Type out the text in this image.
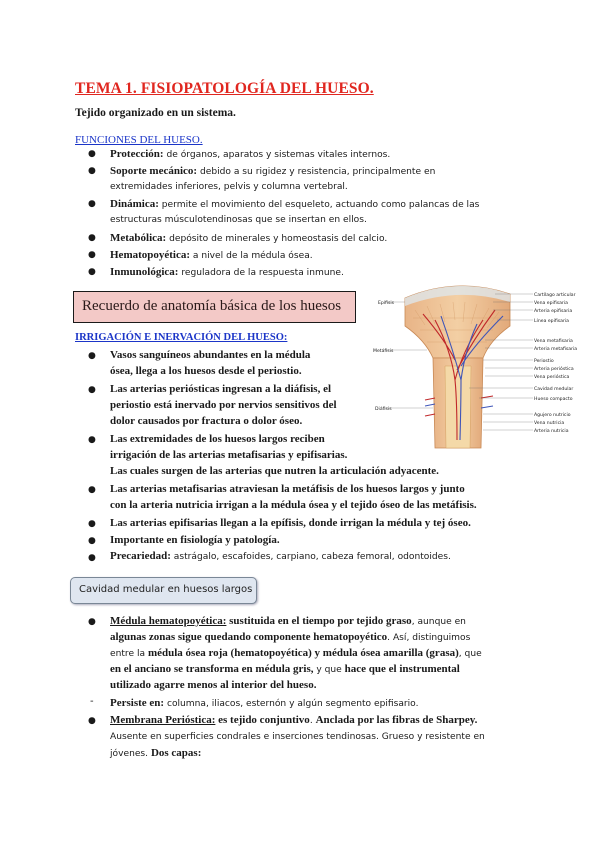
TEMA 1. FISIOPATOLOGÍA DEL HUESO.
Tejido organizado en un sistema.
FUNCIONES DEL HUESO.
● Protección: de órganos, aparatos y sistemas vitales internos.
● Soporte mecánico: debido a su rigidez y resistencia, principalmente en
extremidades inferiores, pelvis y columna vertebral.
● Dinámica: permite el movimiento del esqueleto, actuando como palancas de las
estructuras músculotendinosas que se insertan en ellos.
● Metabólica: depósito de minerales y homeostasis del calcio.
● Hematopoyética: a nivel de la médula ósea.
● Inmunológica: reguladora de la respuesta inmune.
Recuerdo de anatomía básica de los huesos
IRRIGACIÓN E INERVACIÓN DEL HUESO:
● Vasos sanguíneos abundantes en la médula
ósea, llega a los huesos desde el periostio.
● Las arterias periósticas ingresan a la diáfisis, el
periostio está inervado por nervios sensitivos del
dolor causados por fractura o dolor óseo.
● Las extremidades de los huesos largos reciben
irrigación de las arterias metafisarias y epifisarias.
Las cuales surgen de las arterias que nutren la articulación adyacente.
● Las arterias metafisarias atraviesan la metáfisis de los huesos largos y junto
con la arteria nutricia irrigan a la médula ósea y el tejido óseo de las metáfisis.
● Las arterias epifisarias llegan a la epífisis, donde irrigan la médula y tej óseo.
● Importante en fisiología y patología.
● Precariedad: astrágalo, escafoides, carpiano, cabeza femoral, odontoides.
Epífisis
Metáfisis
Diáfisis
Cartílago articular
Vena epifisaria
Arteria epifisaria
Línea epifisaria
Vena metafisaria
Arteria metafisaria
Periostio
Arteria perióstica
Vena perióstica
Cavidad medular
Hueso compacto
Agujero nutricio
Vena nutricia
Arteria nutricia
Cavidad medular en huesos largos
● Médula hematopoyética: sustituida en el tiempo por tejido graso, aunque en
algunas zonas sigue quedando componente hematopoyético. Así, distinguimos
entre la médula ósea roja (hematopoyética) y médula ósea amarilla (grasa), que
en el anciano se transforma en médula gris, y que hace que el instrumental
utilizado agarre menos al interior del hueso.
- Persiste en: columna, iliacos, esternón y algún segmento epifisario.
● Membrana Perióstica: es tejido conjuntivo. Anclada por las fibras de Sharpey.
Ausente en superficies condrales e inserciones tendinosas. Grueso y resistente en
jóvenes. Dos capas:
